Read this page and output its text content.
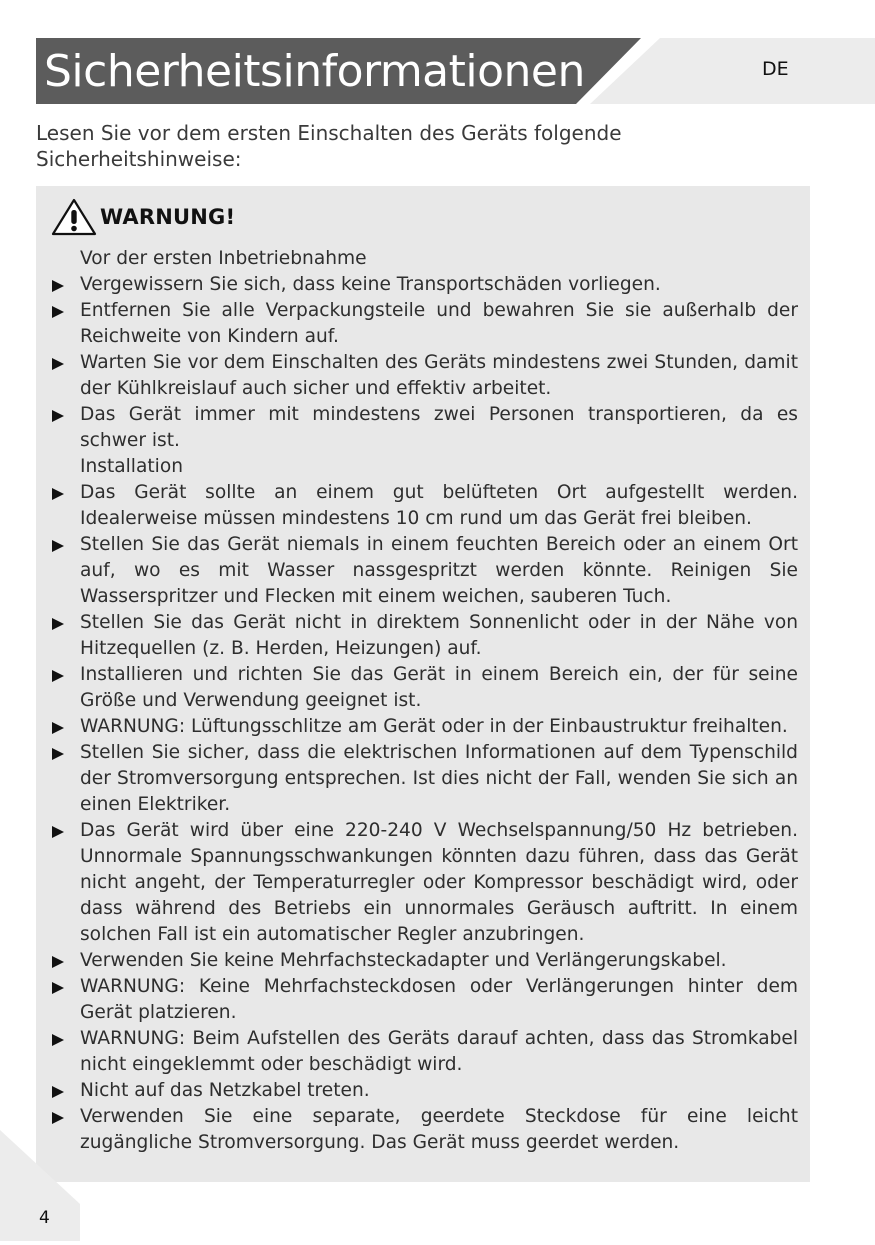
Sicherheitsinformationen	DE
Lesen Sie vor dem ersten Einschalten des Geräts folgende Sicherheitshinweise:
WARNUNG!
Vor der ersten Inbetriebnahme
Vergewissern Sie sich, dass keine Transportschäden vorliegen.
Entfernen Sie alle Verpackungsteile und bewahren Sie sie außerhalb der Reichweite von Kindern auf.
Warten Sie vor dem Einschalten des Geräts mindestens zwei Stunden, damit der Kühlkreislauf auch sicher und effektiv arbeitet.
Das Gerät immer mit mindestens zwei Personen transportieren, da es schwer ist.
Installation
Das Gerät sollte an einem gut belüfteten Ort aufgestellt werden. Idealerweise müssen mindestens 10 cm rund um das Gerät frei bleiben.
Stellen Sie das Gerät niemals in einem feuchten Bereich oder an einem Ort auf, wo es mit Wasser nassgespritzt werden könnte. Reinigen Sie Wasserspritzer und Flecken mit einem weichen, sauberen Tuch.
Stellen Sie das Gerät nicht in direktem Sonnenlicht oder in der Nähe von Hitzequellen (z. B. Herden, Heizungen) auf.
Installieren und richten Sie das Gerät in einem Bereich ein, der für seine Größe und Verwendung geeignet ist.
WARNUNG: Lüftungsschlitze am Gerät oder in der Einbaustruktur freihalten.
Stellen Sie sicher, dass die elektrischen Informationen auf dem Typenschild der Stromversorgung entsprechen. Ist dies nicht der Fall, wenden Sie sich an einen Elektriker.
Das Gerät wird über eine 220-240 V Wechselspannung/50 Hz betrieben. Unnormale Spannungsschwankungen könnten dazu führen, dass das Gerät nicht angeht, der Temperaturregler oder Kompressor beschädigt wird, oder dass während des Betriebs ein unnormales Geräusch auftritt. In einem solchen Fall ist ein automatischer Regler anzubringen.
Verwenden Sie keine Mehrfachsteckadapter und Verlängerungskabel.
WARNUNG: Keine Mehrfachsteckdosen oder Verlängerungen hinter dem Gerät platzieren.
WARNUNG: Beim Aufstellen des Geräts darauf achten, dass das Stromkabel nicht eingeklemmt oder beschädigt wird.
Nicht auf das Netzkabel treten.
Verwenden Sie eine separate, geerdete Steckdose für eine leicht zugängliche Stromversorgung. Das Gerät muss geerdet werden.
4
